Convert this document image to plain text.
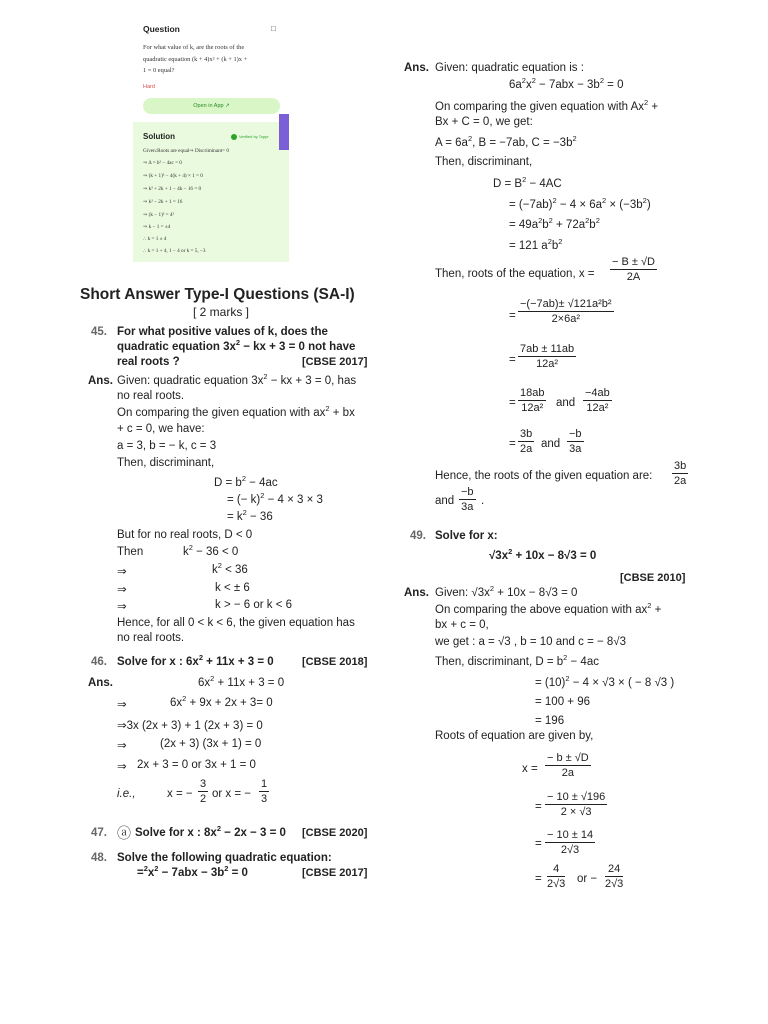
Question	□
For what value of k, are the roots of the
quadratic equation (k + 4)x² + (k + 1)x +
1 = 0 equal?
Hard
Open in App ↗
Solution	Verified by Toppr
Given:Roots are equal⇒ Discriminant= 0
⇒ Δ = b² − 4ac = 0
⇒ (k + 1)² − 4(k + 4) × 1 = 0
⇒ k² + 2k + 1 − 4k − 16 = 0
⇒ k² − 2k + 1 = 16
⇒ (k − 1)² = 4²
⇒ k − 1 = ±4
∴ k = 1 ± 4
∴ k = 1 + 4, 1 − 4 or k = 5, −3
Short Answer Type-I Questions (SA-I)
[ 2 marks ]
45. For what positive values of k, does the
quadratic equation $3x^2$ − kx + 3 = 0 not have
real roots ?	[CBSE 2017]
Ans. Given: quadratic equation $3x^2$ − kx + 3 = 0, has
no real roots.
On comparing the given equation with $ax^2$ + bx
+ c = 0, we have:
a = 3, b = − k, c = 3
Then, discriminant,
$D = b^2 - 4ac$
= (− k)$^2$ − 4 × 3 × 3
= $k^2 - 36$
But for no real roots, D < 0
Then	$k^2 - 36 < 0$
⇒	$k^2 < 36$
⇒	k < ± 6
⇒	k > − 6 or k < 6
Hence, for all 0 < k < 6, the given equation has
no real roots.
46. Solve for x : $6x^2 + 11x + 3 = 0$	[CBSE 2018]
Ans.	$6x^2 + 11x + 3 = 0$
⇒	$6x^2 + 9x + 2x + 3= 0$
⇒3x (2x + 3) + 1 (2x + 3) = 0
⇒	(2x + 3) (3x + 1) = 0
⇒ 2x + 3 = 0 or 3x + 1 = 0
i.e.,	x = − $\frac{3}{2}$ or x = − $\frac{1}{3}$
47. ⓐ Solve for x : $8x^2 - 2x - 3 = 0$ [CBSE 2020]
48. Solve the following quadratic equation:
$=^2x^2 - 7abx - 3b^2 = 0$	[CBSE 2017]
Ans. Given: quadratic equation is :
$6a^2x^2 - 7abx - 3b^2 = 0$
On comparing the given equation with $Ax^2$ +
Bx + C = 0, we get:
$A = 6a^2$, B = −7ab, $C = -3b^2$
Then, discriminant,
$D = B^2 - 4AC$
= $(-7ab)^2 - 4 \times 6a^2 \times (-3b^2)$
= $49a^2b^2 + 72a^2b^2$
= 121 $a^2b^2$
Then, roots of the equation, $x = \frac{- B \pm √D}{2A}$
= $\frac{\text{−(−7ab)± √121a²b²}}{\text{2×6a²}}$
= $\frac{7ab \pm 11ab}{\text{12a²}}$
= $\frac{18ab}{\text{12a²}}$ and $\frac{-4ab}{\text{12a²}}$
= $\frac{3b}{2a}$ and $\frac{-b}{3a}$
Hence, the roots of the given equation are: $\frac{3b}{2a}$
and $\frac{-b}{3a}$ .
49. Solve for x:
$√3x^2 + 10x - 8√3 = 0$
[CBSE 2010]
Ans. Given: $√3x^2 + 10x - 8√3 = 0$
On comparing the above equation with $ax^2$ +
bx + c = 0,
we get : a = √3 , b = 10 and c = − 8√3
Then, discriminant, $D = b^2 - 4ac$
= $(10)^2 - 4 \times √3$ × ( − 8 √3 )
= 100 + 96
= 196
Roots of equation are given by,
$x = \frac{- b \pm √D}{2a}$
= $\frac{- 10 \pm √196}{2 \times √3}$
= $\frac{- 10 \pm 14}{2√3}$
= $\frac{4}{2√3}$ or − $\frac{24}{2√3}$
